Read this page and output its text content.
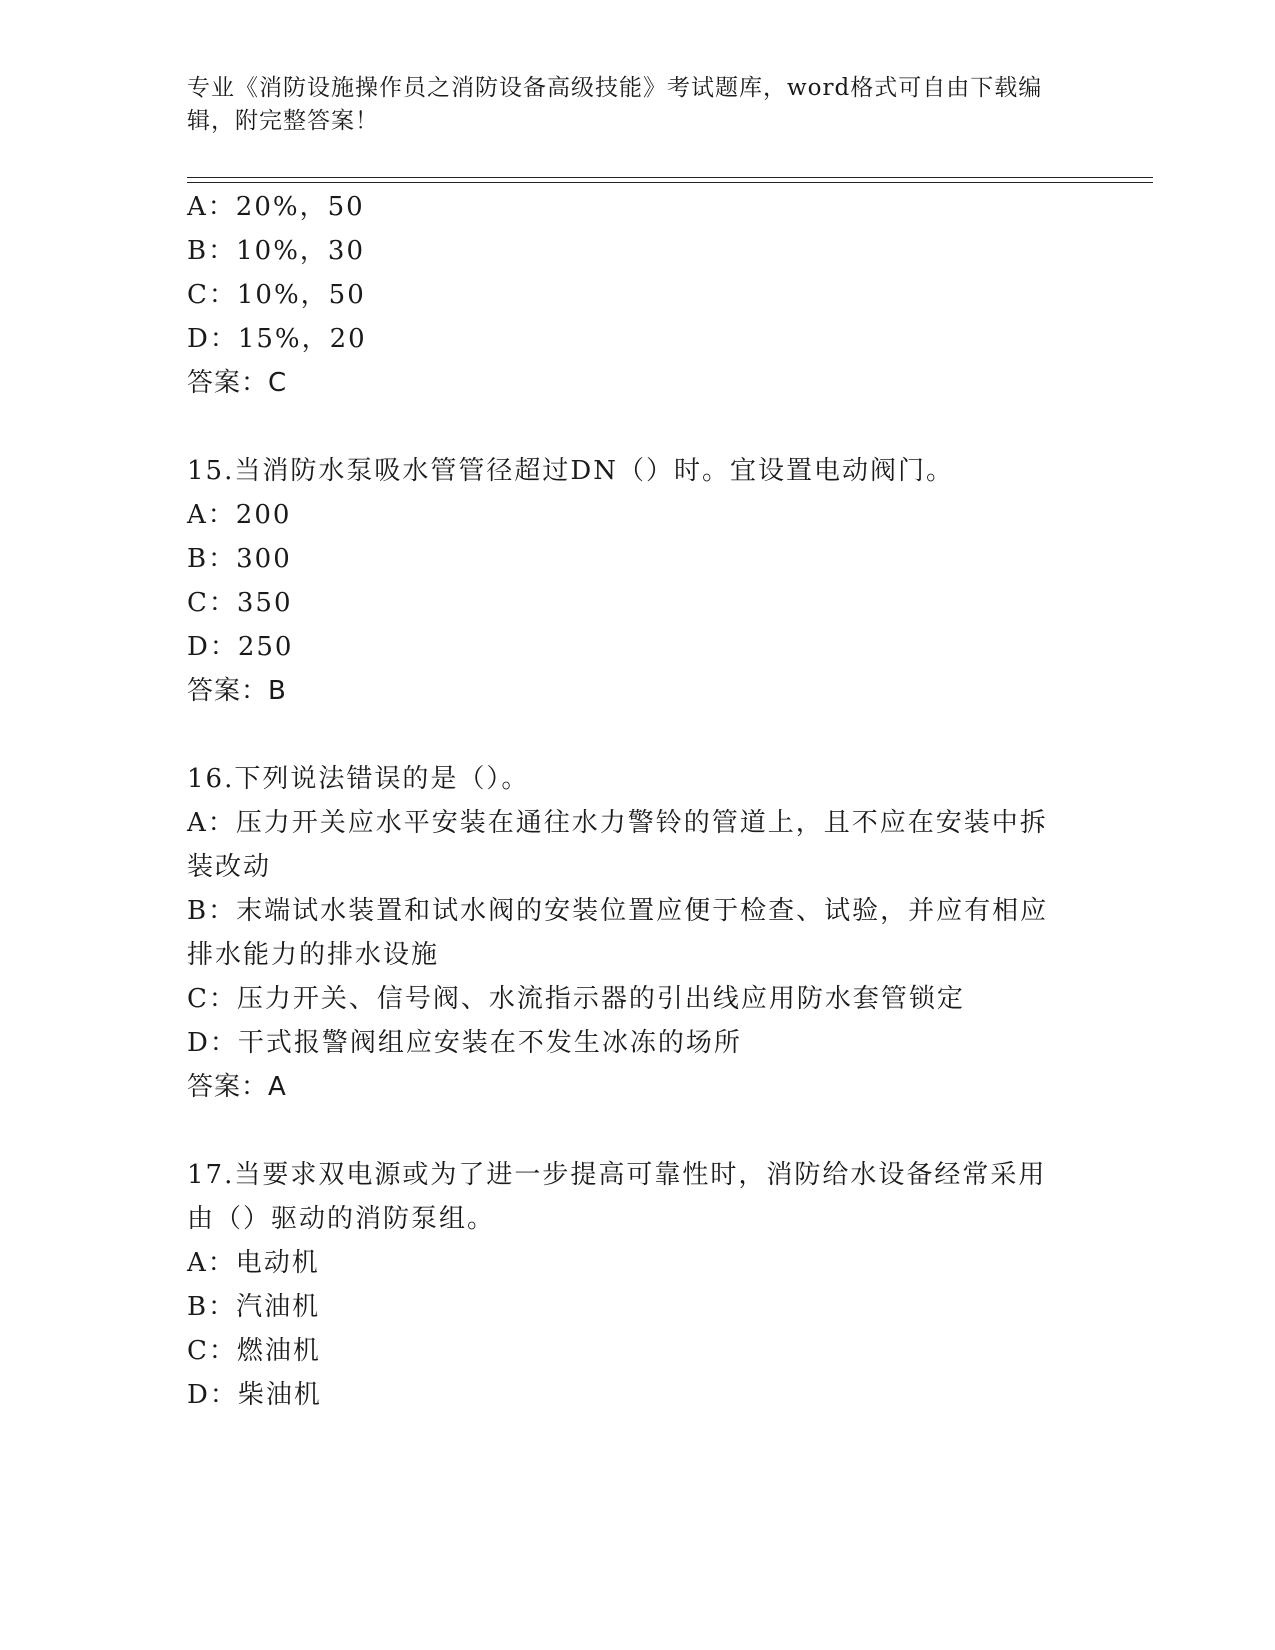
专业《消防设施操作员之消防设备高级技能》考试题库，word格式可自由下载编辑，附完整答案！
A：20%，50
B：10%，30
C：10%，50
D：15%，20
答案：C
15.当消防水泵吸水管管径超过DN（）时。宜设置电动阀门。
A：200
B：300
C：350
D：250
答案：B
16.下列说法错误的是（）。
A：压力开关应水平安装在通往水力警铃的管道上，且不应在安装中拆
装改动
B：末端试水装置和试水阀的安装位置应便于检查、试验，并应有相应
排水能力的排水设施
C：压力开关、信号阀、水流指示器的引出线应用防水套管锁定
D：干式报警阀组应安装在不发生冰冻的场所
答案：A
17.当要求双电源或为了进一步提高可靠性时，消防给水设备经常采用
由（）驱动的消防泵组。
A：电动机
B：汽油机
C：燃油机
D：柴油机
